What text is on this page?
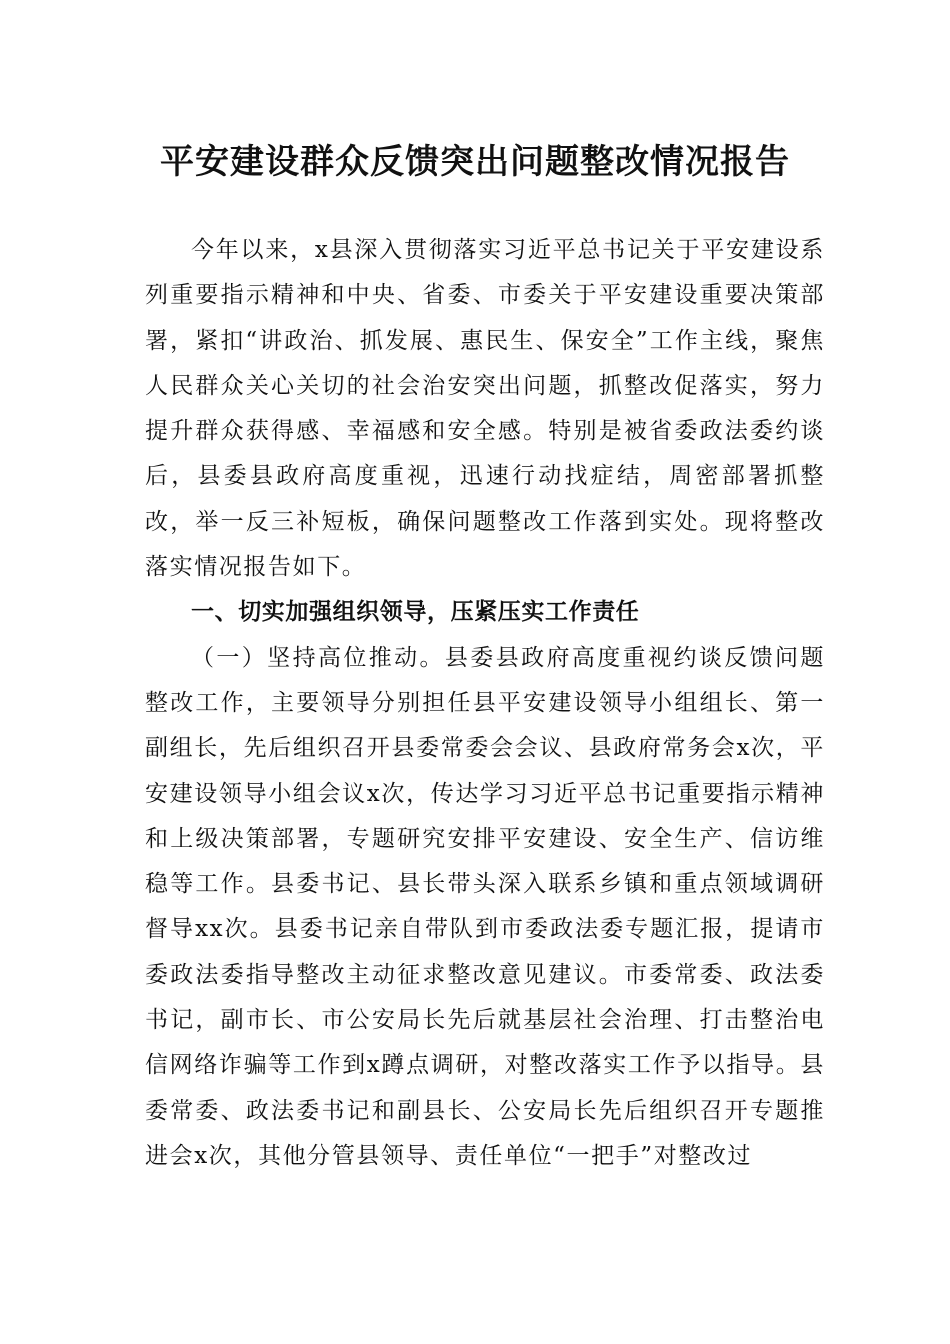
平安建设群众反馈突出问题整改情况报告

今年以来，x县深入贯彻落实习近平总书记关于平安建设系列重要指示精神和中央、省委、市委关于平安建设重要决策部署，紧扣“讲政治、抓发展、惠民生、保安全”工作主线，聚焦人民群众关心关切的社会治安突出问题，抓整改促落实，努力提升群众获得感、幸福感和安全感。特别是被省委政法委约谈后，县委县政府高度重视，迅速行动找症结，周密部署抓整改，举一反三补短板，确保问题整改工作落到实处。现将整改落实情况报告如下。

一、切实加强组织领导，压紧压实工作责任

（一）坚持高位推动。县委县政府高度重视约谈反馈问题整改工作，主要领导分别担任县平安建设领导小组组长、第一副组长，先后组织召开县委常委会会议、县政府常务会x次，平安建设领导小组会议x次，传达学习习近平总书记重要指示精神和上级决策部署，专题研究安排平安建设、安全生产、信访维稳等工作。县委书记、县长带头深入联系乡镇和重点领域调研督导xx次。县委书记亲自带队到市委政法委专题汇报，提请市委政法委指导整改主动征求整改意见建议。市委常委、政法委书记，副市长、市公安局长先后就基层社会治理、打击整治电信网络诈骗等工作到x蹲点调研，对整改落实工作予以指导。县委常委、政法委书记和副县长、公安局长先后组织召开专题推进会x次，其他分管县领导、责任单位“一把手”对整改过
